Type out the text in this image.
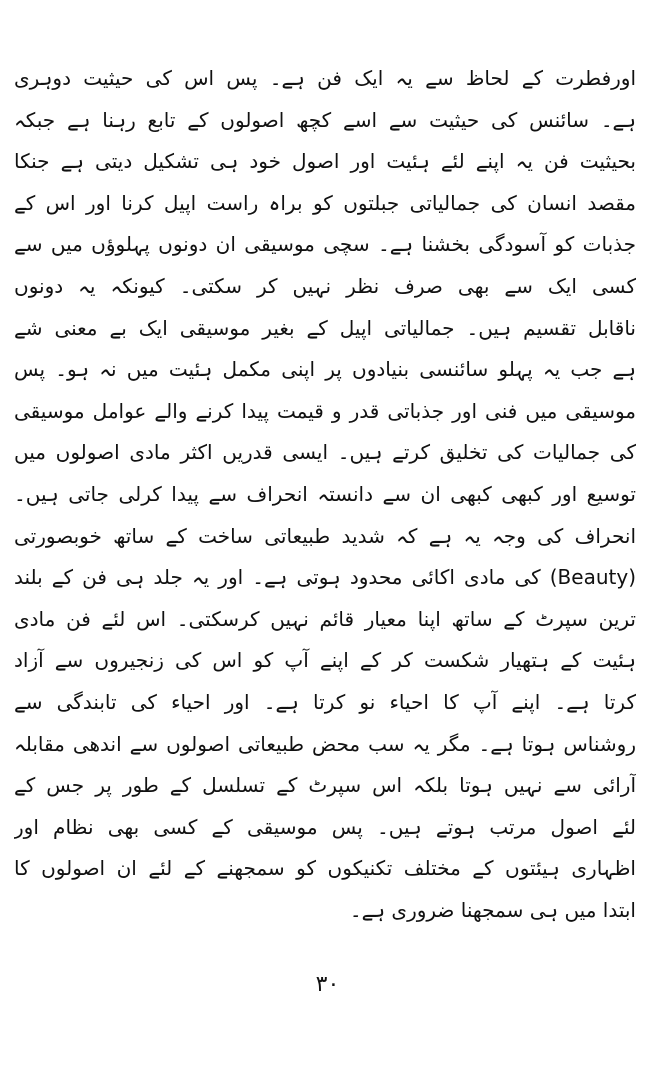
اورفطرت کے لحاظ سے یہ ایک فن ہے۔ پس اس کی حیثیت دوہری
ہے۔ سائنس کی حیثیت سے اسے کچھ اصولوں کے تابع رہنا ہے جبکہ
بحیثیت فن یہ اپنے لئے ہئیت اور اصول خود ہی تشکیل دیتی ہے جنکا
مقصد انسان کی جمالیاتی جبلتوں کو براہ راست اپیل کرنا اور اس کے
جذبات کو آسودگی بخشنا ہے۔ سچی موسیقی ان دونوں پہلوؤں میں سے
کسی ایک سے بھی صرف نظر نہیں کر سکتی۔ کیونکہ یہ دونوں
ناقابل تقسیم ہیں۔ جمالیاتی اپیل کے بغیر موسیقی ایک بے معنی شے
ہے جب یہ پہلو سائنسی بنیادوں پر اپنی مکمل ہئیت میں نہ ہو۔ پس
موسیقی میں فنی اور جذباتی قدر و قیمت پیدا کرنے والے عوامل موسیقی
کی جمالیات کی تخلیق کرتے ہیں۔ ایسی قدریں اکثر مادی اصولوں میں
توسیع اور کبھی کبھی ان سے دانستہ انحراف سے پیدا کرلی جاتی ہیں۔
انحراف کی وجہ یہ ہے کہ شدید طبیعاتی ساخت کے ساتھ خوبصورتی
(Beauty) کی مادی اکائی محدود ہوتی ہے۔ اور یہ جلد ہی فن کے بلند
ترین سپرٹ کے ساتھ اپنا معیار قائم نہیں کرسکتی۔ اس لئے فن مادی
ہئیت کے ہتھیار شکست کر کے اپنے آپ کو اس کی زنجیروں سے آزاد
کرتا ہے۔ اپنے آپ کا احیاء نو کرتا ہے۔ اور احیاء کی تابندگی سے
روشناس ہوتا ہے۔ مگر یہ سب محض طبیعاتی اصولوں سے اندھی مقابلہ
آرائی سے نہیں ہوتا بلکہ اس سپرٹ کے تسلسل کے طور پر جس کے
لئے اصول مرتب ہوتے ہیں۔ پس موسیقی کے کسی بھی نظام اور
اظہاری ہیئتوں کے مختلف تکنیکوں کو سمجھنے کے لئے ان اصولوں کا
ابتدا میں ہی سمجھنا ضروری ہے۔
۳۰
